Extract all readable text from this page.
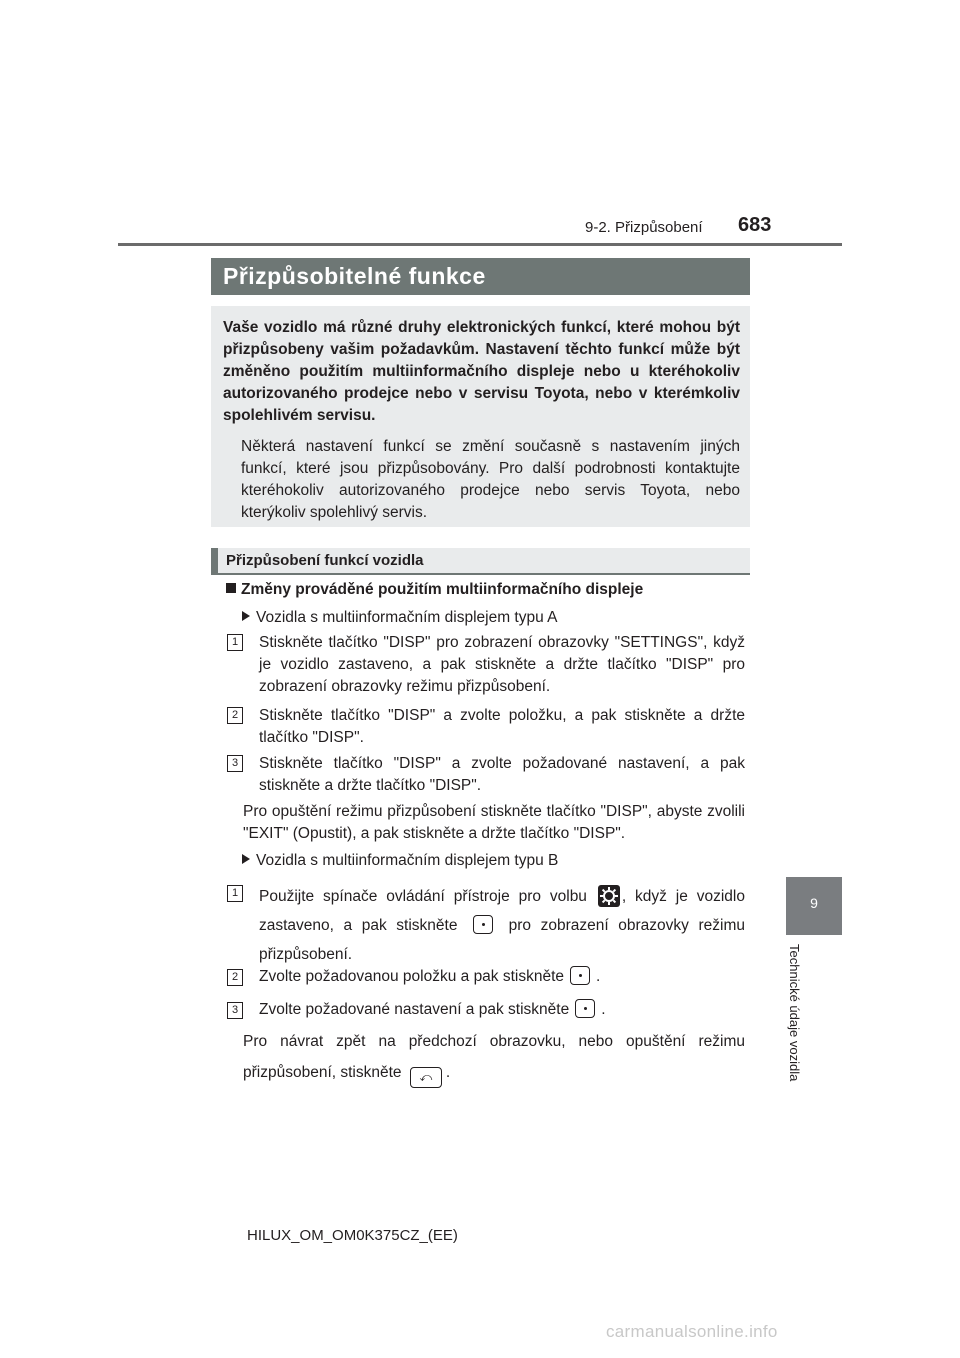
9-2. Přizpůsobení 683
9
Technické údaje vozidla
Přizpůsobitelné funkce
Vaše vozidlo má různé druhy elektronických funkcí, které mohou být přizpůsobeny vašim požadavkům. Nastavení těchto funkcí může být změněno použitím multiinformačního displeje nebo u kteréhokoliv autorizovaného prodejce nebo v servisu Toyota, nebo v kterémkoliv spolehlivém servisu.
Některá nastavení funkcí se změní současně s nastavením jiných funkcí, které jsou přizpůsobovány. Pro další podrobnosti kontaktujte kteréhokoliv autorizovaného prodejce nebo servis Toyota, nebo kterýkoliv spolehlivý servis.
Přizpůsobení funkcí vozidla
Změny prováděné použitím multiinformačního displeje
Vozidla s multiinformačním displejem typu A
1	Stiskněte tlačítko "DISP" pro zobrazení obrazovky "SETTINGS", když je vozidlo zastaveno, a pak stiskněte a držte tlačítko "DISP" pro zobrazení obrazovky režimu přizpůsobení.
2	Stiskněte tlačítko "DISP" a zvolte položku, a pak stiskněte a držte tlačítko "DISP".
3	Stiskněte tlačítko "DISP" a zvolte požadované nastavení, a pak stiskněte a držte tlačítko "DISP".
Pro opuštění režimu přizpůsobení stiskněte tlačítko "DISP", abyste zvolili "EXIT" (Opustit), a pak stiskněte a držte tlačítko "DISP".
Vozidla s multiinformačním displejem typu B
1	Použijte spínače ovládání přístroje pro volbu , když je vozidlo zastaveno, a pak stiskněte	pro zobrazení obrazovky režimu přizpůsobení.
2	Zvolte požadovanou položku a pak stiskněte .
3	Zvolte požadované nastavení a pak stiskněte .
Pro návrat zpět na předchozí obrazovku, nebo opuštění režimu přizpůsobení, stiskněte ⤺ .
HILUX_OM_OM0K375CZ_(EE)
carmanualsonline.info
